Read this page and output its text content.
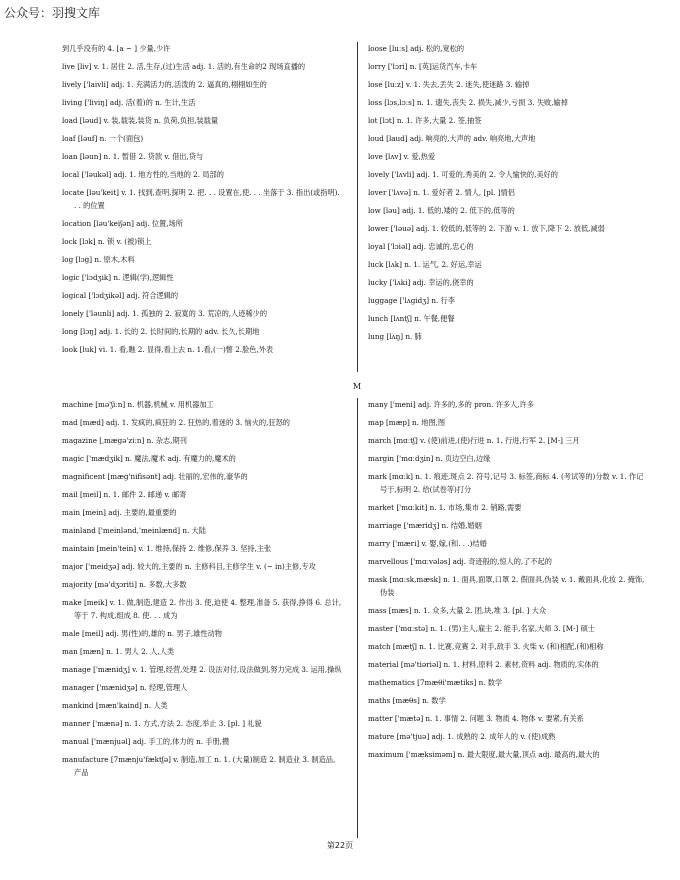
公众号：羽搜文库
到几乎没有的 4. [a ~ ] 少量,少许
live [liv] v. 1. 居住 2. 活,生存,(过)生活 adj. 1. 活的,有生命的2 现场直播的
lively ['laivli] adj. 1. 充满活力的,活泼的 2. 逼真的,栩栩如生的
living ['liviŋ] adj. 活(着)的 n. 生计,生活
load [ləud] v. 装,载装,装货 n. 负荷,负担,装载量
loaf [ləuf] n. 一个(面包)
loan [ləun] n. 1. 暂借 2. 贷款 v. 借出,贷与
local ['ləukəl] adj. 1. 地方性的,当地的 2. 局部的
locate [ləu'keit] v. 1. 找到,查明,探明 2. 把. . . 设置在,使. . . 坐落于 3. 指出(或指明). . . 的位置
location [ləu'keiʃən] adj. 位置,场所
lock [lɔk] n. 锁 v. (被)锁上
log [lɔg] n. 原木,木料
logic ['lɔdʒik] n. 逻辑(学),逻辑性
logical ['lɔdʒikəl] adj. 符合逻辑的
lonely ['ləunli] adj. 1. 孤独的 2. 寂寞的 3. 荒凉的,人迹稀少的
long [lɔŋ] adj. 1. 长的 2. 长时间的,长期的 adv. 长久,长期地
look [luk] vi. 1. 看,瞧 2. 显得,看上去 n. 1.看,(一)瞥 2.脸色,外表
loose [luːs] adj. 松的,宽松的
lorry ['lɔri] n. [英]运货汽车,卡车
lose [luːz] v. 1. 失去,丢失 2. 迷失,使迷路 3. 输掉
loss [lɔs,lɔːs] n. 1. 遗失,丧失 2. 损失,减少,亏损 3. 失败,输掉
lot [lɔt] n. 1. 许多,大量 2. 签,抽签
loud [laud] adj. 响亮的,大声的 adv. 响亮地,大声地
love [lʌv] v. 爱,热爱
lovely ['lʌvli] adj. 1. 可爱的,秀美的 2. 令人愉快的,美好的
lover ['lʌvə] n. 1. 爱好者 2. 情人, [pl. ]情侣
low [ləu] adj. 1. 低的,矮的 2. 低下的,低等的
lower ['ləuə] adj. 1. 较低的,低等的 2. 下游 v. 1. 放下,降下 2. 放低,减弱
loyal ['lɔiəl] adj. 忠诚的,忠心的
luck [lʌk] n. 1. 运气, 2. 好运,幸运
lucky ['lʌki] adj. 幸运的,侥幸的
luggage ['lʌgidʒ] n. 行李
lunch [lʌntʃ] n. 午餐,便餐
lung [lʌŋ] n. 肺
M
machine [mə'ʃiːn] n. 机器,机械 v. 用机器加工
mad [mæd] adj. 1. 发疯的,疯狂的 2. 狂热的,着迷的 3. 恼火的,狂怒的
magazine [ˌmægə'ziːn] n. 杂志,期刊
magic ['mædʒik] n. 魔法,魔术 adj. 有魔力的,魔术的
magnificent [mæg'nifisənt] adj. 壮丽的,宏伟的,豪华的
mail [meil] n. 1. 邮件 2. 邮递 v. 邮寄
main [mein] adj. 主要的,最重要的
mainland ['meinlənd,'meinlænd] n. 大陆
maintain [mein'tein] v. 1. 维持,保持 2. 维修,保养 3. 坚持,主张
major ['meidʒə] adj. 较大的,主要的 n. 主修科目,主修学生 v. (~ in)主修,专攻
majority [mə'dʒɔriti] n. 多数,大多数
make [meik] v. 1. 做,制造,建造 2. 作出 3. 使,迫使 4. 整理,准备 5. 获得,挣得 6. 总计,等于 7. 构成,组成 8. 使. . . 成为
male [meil] adj. 男(性)的,雄的 n. 男子,雄性动物
man [mæn] n. 1. 男人 2. 人,人类
manage ['mænidʒ] v. 1. 管理,经营,处理 2. 设法对付,设法做到,努力完成 3. 运用,操纵
manager ['mænidʒə] n. 经理,管理人
mankind [mæn'kaind] n. 人类
manner ['mænə] n. 1. 方式,方法 2. 态度,举止 3. [pl. ] 礼貌
manual ['mænjuəl] adj. 手工的,体力的 n. 手册,攒
manufacture [7mænju'fæktʃə] v. 制造,加工 n. 1. (大量)制造 2. 制造业 3. 制造品,产品
many ['meni] adj. 许多的,多的 pron. 许多人,许多
map [mæp] n. 地图,图
march [mɑːtʃ] v. (使)前进,(使)行进 n. 1. 行进,行军 2. [M-] 三月
margin ['mɑːdʒin] n. 页边空白,边缘
mark [mɑːk] n. 1. 痕迹,斑点 2. 符号,记号 3. 标签,商标 4. (考试等的)分数 v. 1. 作记号于,标明 2. 给(试卷等)打分
market ['mɑːkit] n. 1. 市场,集市 2. 销路,需要
marriage ['mæridʒ] n. 结婚,婚姻
marry ['mæri] v. 娶,嫁,(和. . .)结婚
marvellous ['mɑːvələs] adj. 奇迹般的,惊人的,了不起的
mask [mɑːsk,mæsk] n. 1. 面具,面罩,口罩 2. 假面具,伪装 v. 1. 戴面具,化妆 2. 掩饰,伪装
mass [mæs] n. 1. 众多,大量 2. 团,块,堆 3. [pl. ] 大众
master ['mɑːstə] n. 1. (男)主人,雇主 2. 能手,名家,大师 3. [M-] 硕士
match [mætʃ] n. 1. 比赛,竞赛 2. 对手,敌手 3. 火柴 v. (和)相配,(和)相称
material [mə'tiəriəl] n. 1. 材料,原料 2. 素材,资料 adj. 物质的,实体的
mathematics [7mæθi'mætiks] n. 数学
maths [mæθs] n. 数学
matter ['mætə] n. 1. 事情 2. 问题 3. 物质 4. 物体 v. 要紧,有关系
mature [mə'tjuə] adj. 1. 成熟的 2. 成年人的 v. (使)成熟
maximum ['mæksiməm] n. 最大限度,最大量,顶点 adj. 最高的,最大的
第22页
